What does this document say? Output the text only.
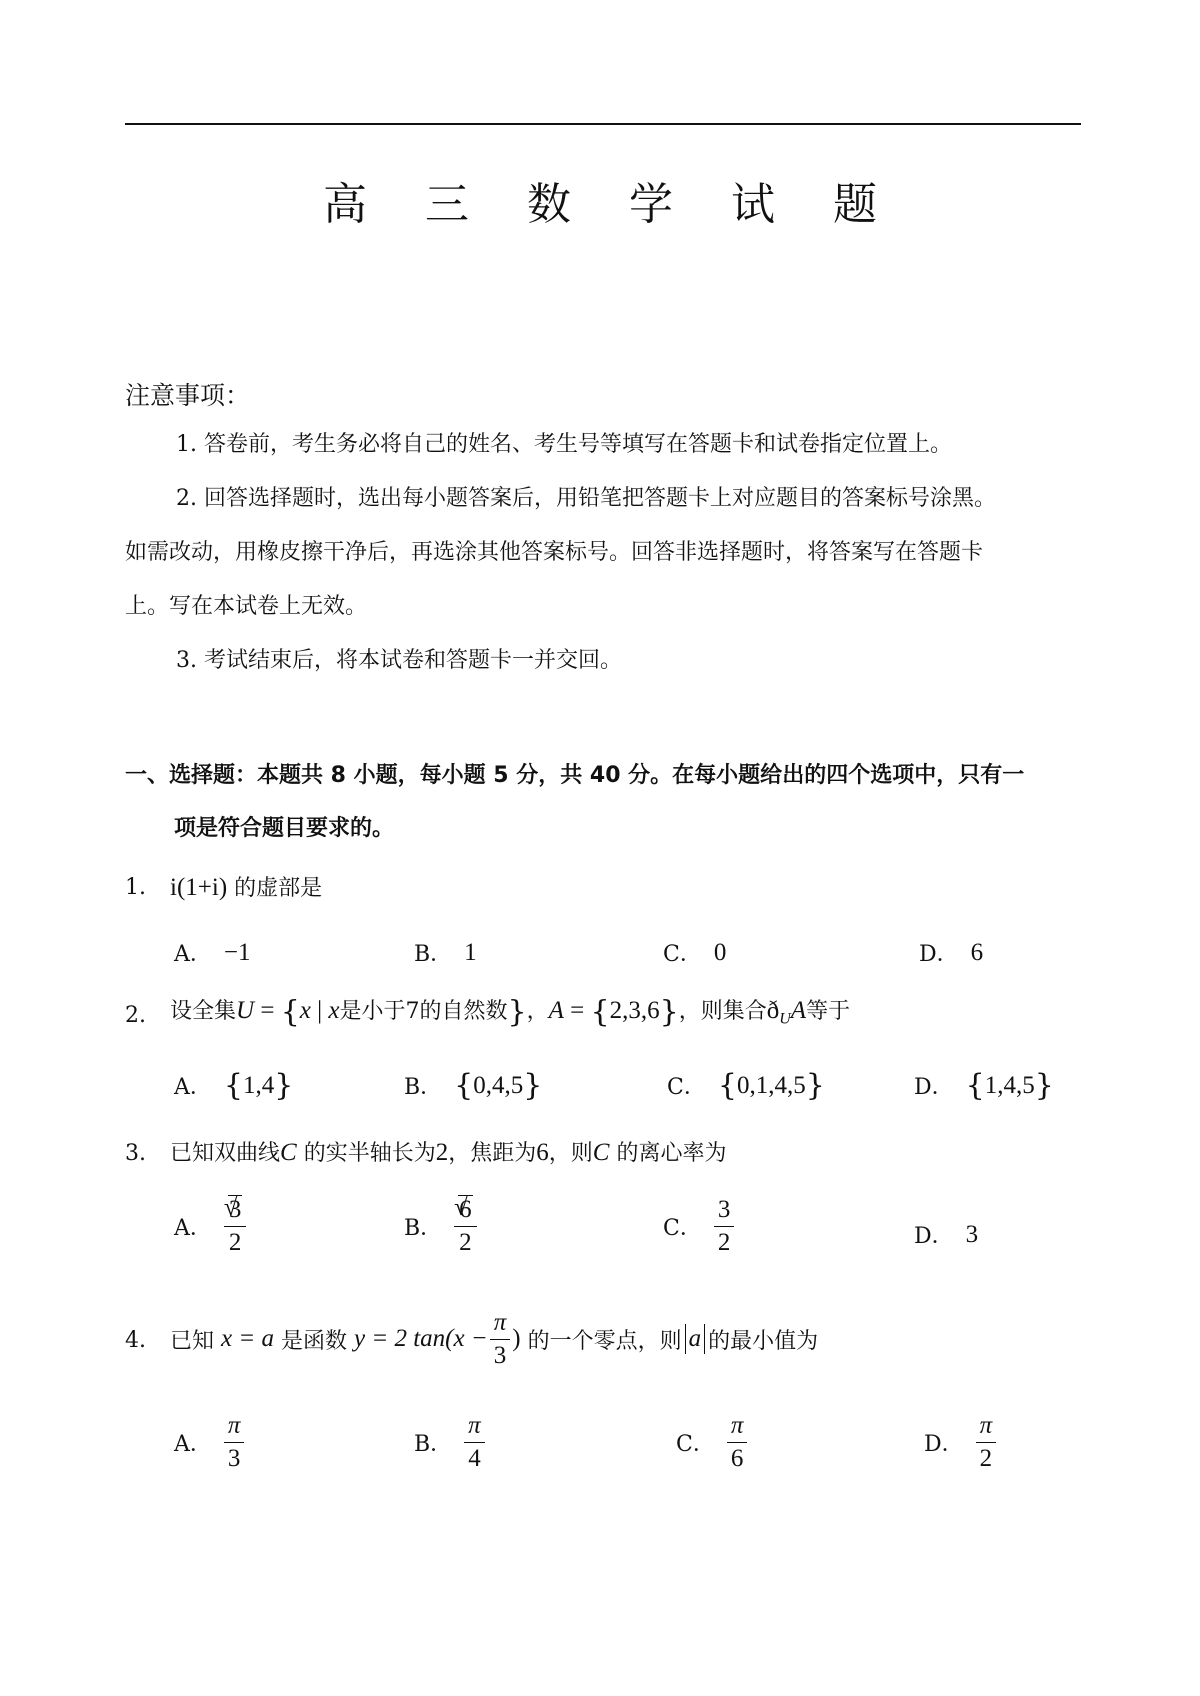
高 三 数 学 试 题
注意事项：
1. 答卷前，考生务必将自己的姓名、考生号等填写在答题卡和试卷指定位置上。
2. 回答选择题时，选出每小题答案后，用铅笔把答题卡上对应题目的答案标号涂黑。
如需改动，用橡皮擦干净后，再选涂其他答案标号。回答非选择题时，将答案写在答题卡
上。写在本试卷上无效。
3. 考试结束后，将本试卷和答题卡一并交回。
一、选择题：本题共 8 小题，每小题 5 分，共 40 分。在每小题给出的四个选项中，只有一
项是符合题目要求的。
1. i(1+i) 的虚部是
A． −1	B． 1	C． 0	D． 6
2. 设全集U = {x | x是小于7的自然数}，A = {2,3,6}，则集合$ð_UA$等于
A． { 1,4 }	B． { 0,4,5 }	C． { 0,1,4,5 }	D． { 1,4,5 }
3. 已知双曲线C 的实半轴长为2，焦距为6，则C 的离心率为
A． √ $\frac{3}{2}$	B． √ $\frac{6}{2}$	C． $\frac{3}{2}$	D． 3
4. 已知
x = a
是函数
y = 2 $\tan(x - \frac{\pi}{3}$ )
的一个零点，则 a 的最小值为
A． $\frac{\pi}{3}$	B． $\frac{\pi}{4}$	C． $\frac{\pi}{6}$	D． $\frac{\pi}{2}$
